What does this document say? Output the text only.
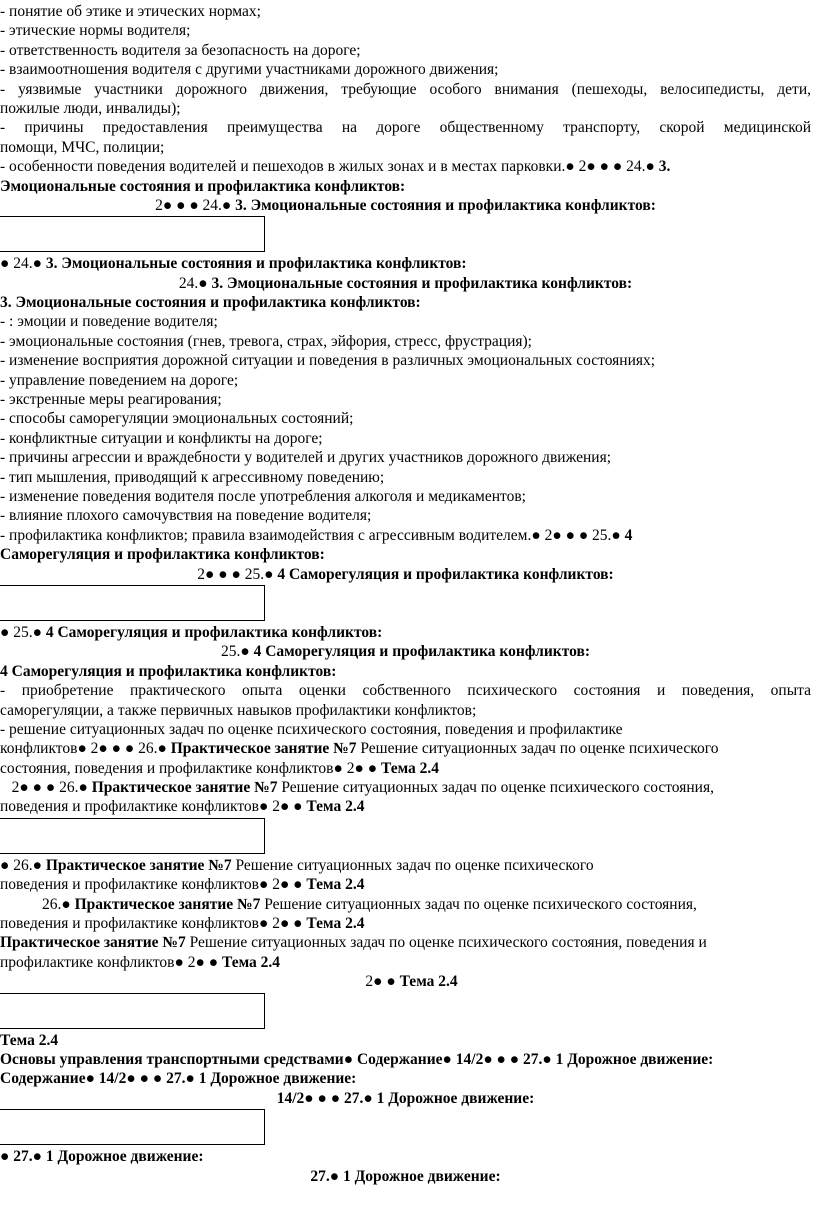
- понятие об этике и этических нормах;
- этические нормы водителя;
- ответственность водителя за безопасность на дороге;
- взаимоотношения водителя с другими участниками дорожного движения;
- уязвимые участники дорожного движения, требующие особого внимания (пешеходы, велосипедисты, дети,
пожилые люди, инвалиды);
- причины предоставления преимущества на дороге общественному транспорту, скорой медицинской
помощи, МЧС, полиции;
- особенности поведения водителей и пешеходов в жилых зонах и в местах парковки.● 2● ● ● 24.● 3.
Эмоциональные состояния и профилактика конфликтов:
2● ● ● 24.● 3. Эмоциональные состояния и профилактика конфликтов:
● 24.● 3. Эмоциональные состояния и профилактика конфликтов:
24.● 3. Эмоциональные состояния и профилактика конфликтов:
3. Эмоциональные состояния и профилактика конфликтов:
- : эмоции и поведение водителя;
- эмоциональные состояния (гнев, тревога, страх, эйфория, стресс, фрустрация);
- изменение восприятия дорожной ситуации и поведения в различных эмоциональных состояниях;
- управление поведением на дороге;
- экстренные меры реагирования;
- способы саморегуляции эмоциональных состояний;
- конфликтные ситуации и конфликты на дороге;
- причины агрессии и враждебности у водителей и других участников дорожного движения;
- тип мышления, приводящий к агрессивному поведению;
- изменение поведения водителя после употребления алкоголя и медикаментов;
- влияние плохого самочувствия на поведение водителя;
- профилактика конфликтов; правила взаимодействия с агрессивным водителем.● 2● ● ● 25.● 4
Саморегуляция и профилактика конфликтов:
2● ● ● 25.● 4 Саморегуляция и профилактика конфликтов:
● 25.● 4 Саморегуляция и профилактика конфликтов:
25.● 4 Саморегуляция и профилактика конфликтов:
4 Саморегуляция и профилактика конфликтов:
- приобретение практического опыта оценки собственного психического состояния и поведения, опыта
саморегуляции, а также первичных навыков профилактики конфликтов;
- решение ситуационных задач по оценке психического состояния, поведения и профилактике
конфликтов● 2● ● ● 26.● Практическое занятие №7 Решение ситуационных задач по оценке психического
состояния, поведения и профилактике конфликтов● 2● ● Тема 2.4
2● ● ● 26.● Практическое занятие №7 Решение ситуационных задач по оценке психического состояния,
поведения и профилактике конфликтов● 2● ● Тема 2.4
● 26.● Практическое занятие №7 Решение ситуационных задач по оценке психического
поведения и профилактике конфликтов● 2● ● Тема 2.4
26.● Практическое занятие №7 Решение ситуационных задач по оценке психического состояния,
поведения и профилактике конфликтов● 2● ● Тема 2.4
Практическое занятие №7 Решение ситуационных задач по оценке психического состояния, поведения и
профилактике конфликтов● 2● ● Тема 2.4
2● ● Тема 2.4
Тема 2.4
Основы управления транспортными средствами● Содержание● 14/2● ● ● 27.● 1 Дорожное движение:
Содержание● 14/2● ● ● 27.● 1 Дорожное движение:
14/2● ● ● 27.● 1 Дорожное движение:
● 27.● 1 Дорожное движение:
27.● 1 Дорожное движение:
